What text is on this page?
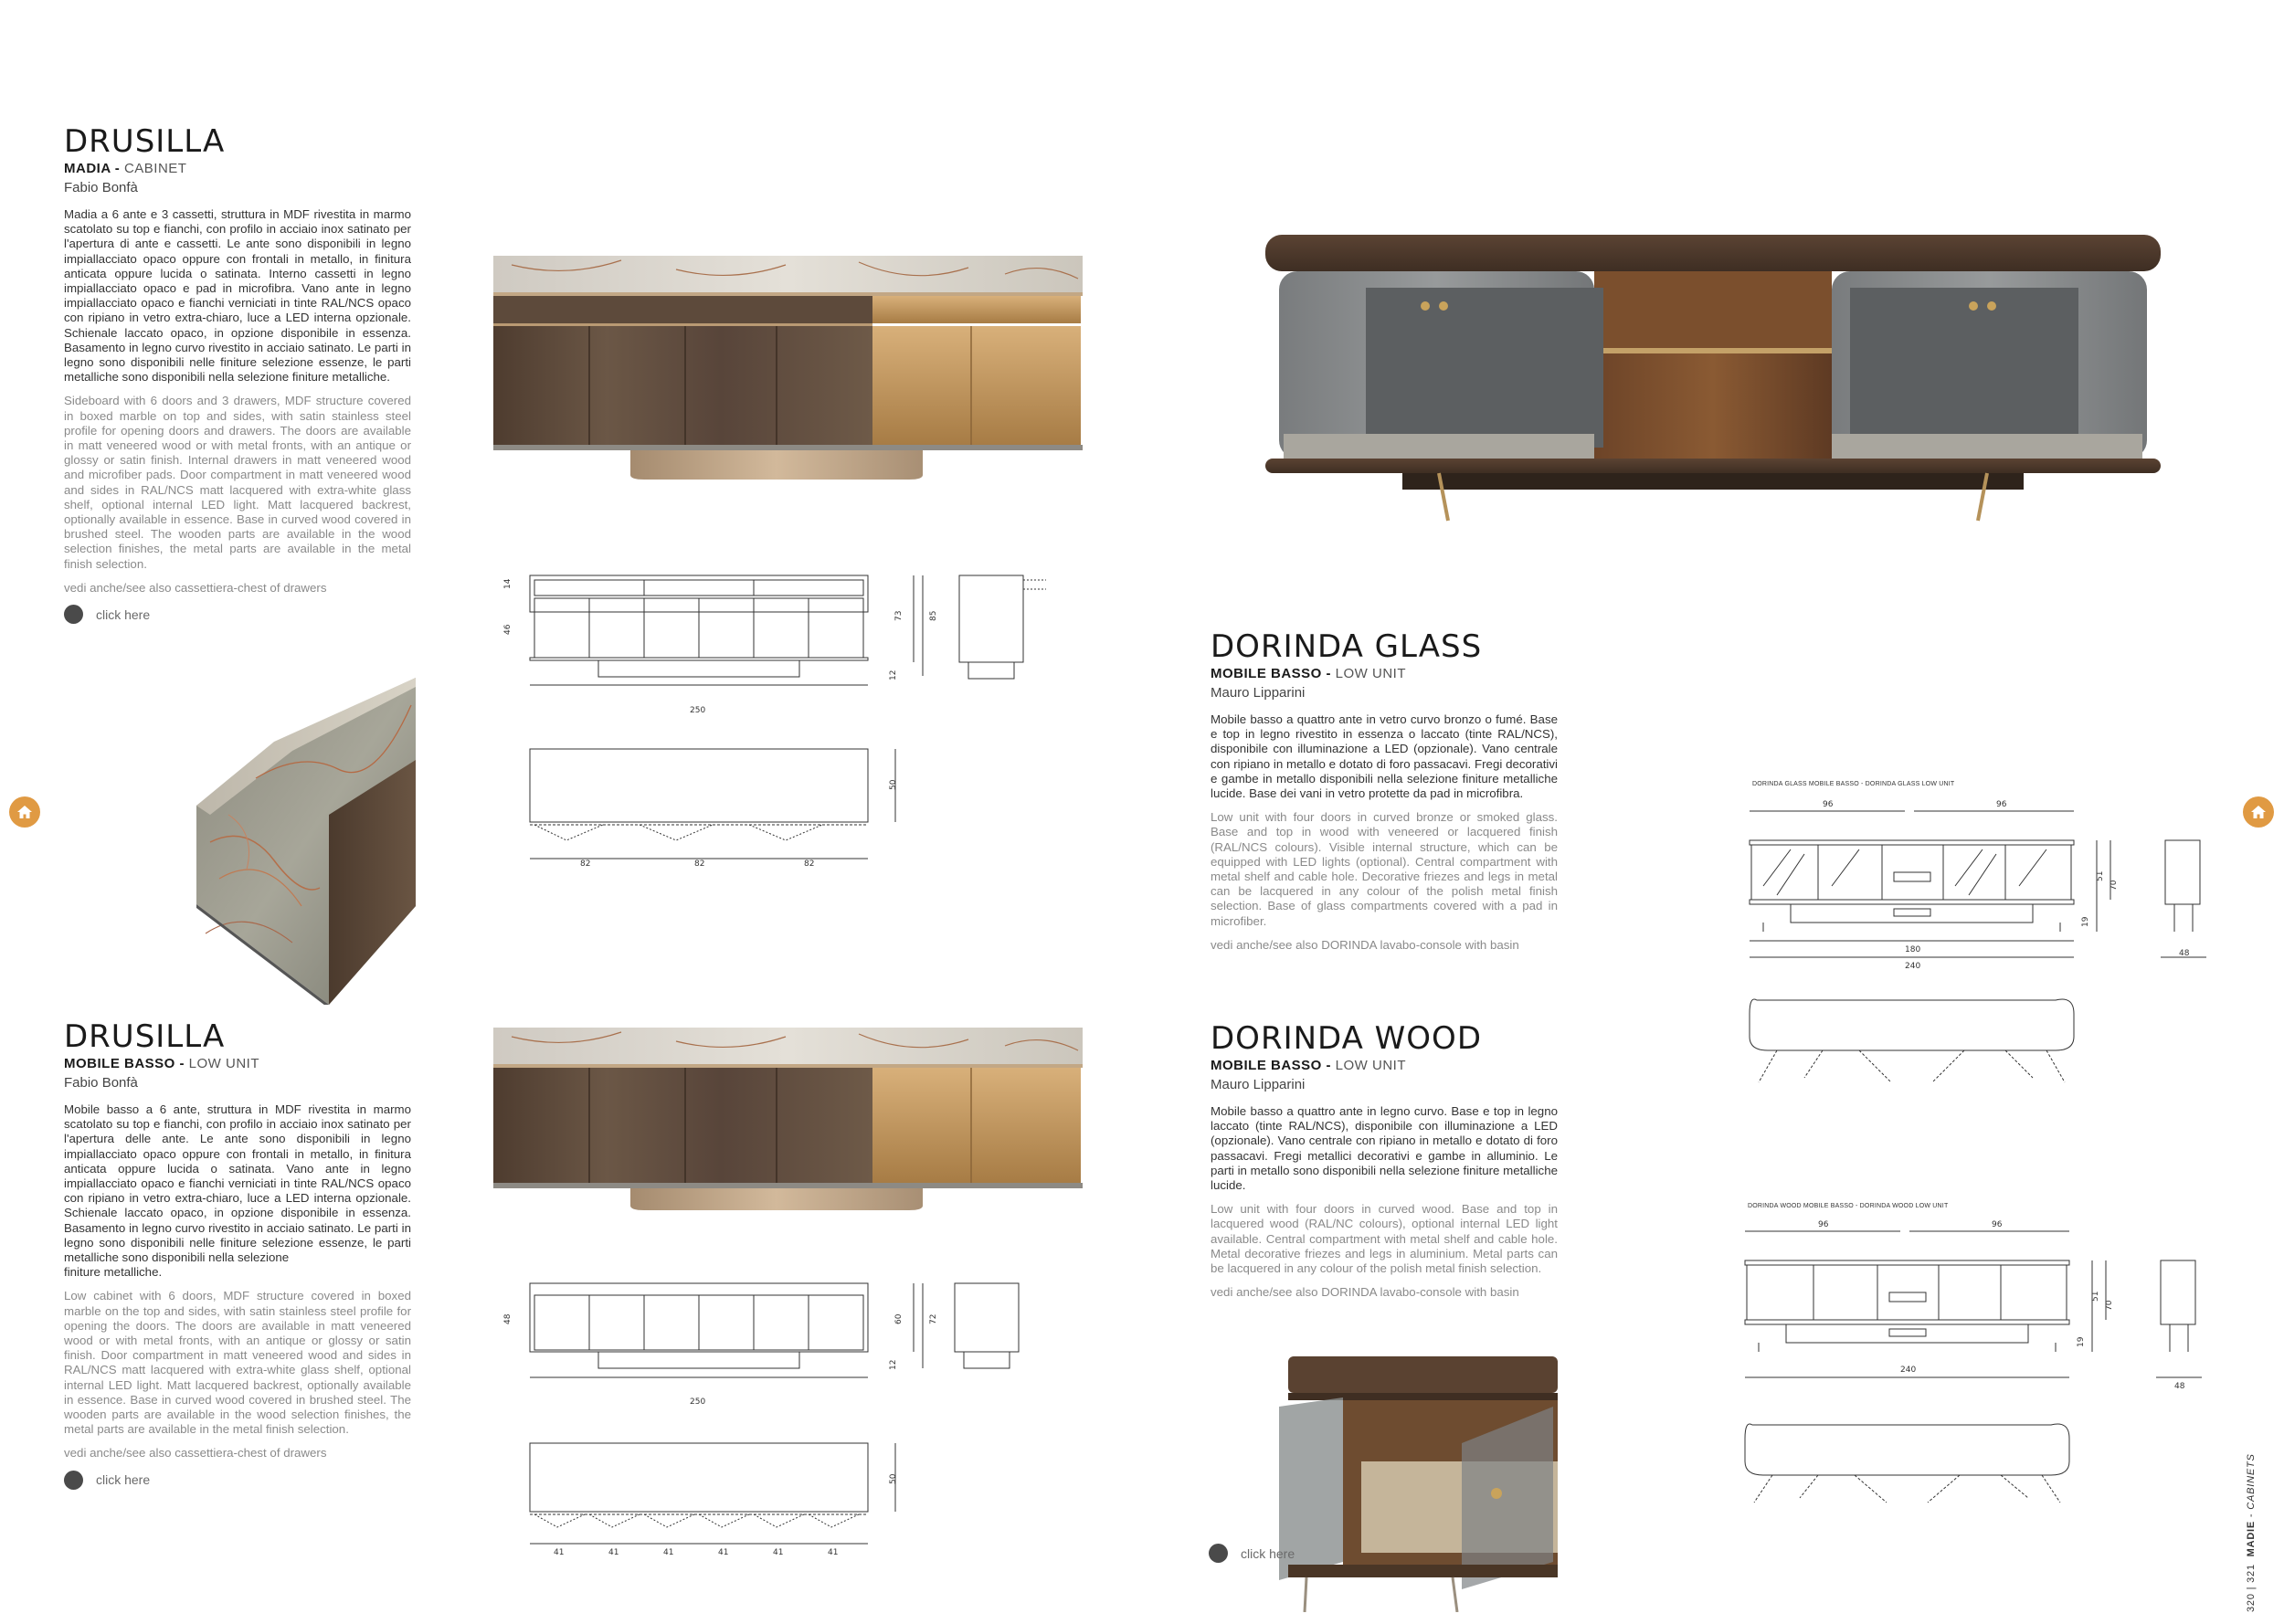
DRUSILLA
MADIA - CABINET
Fabio Bonfà

Madia a 6 ante e 3 cassetti, struttura in MDF rivestita in marmo scatolato su top e fianchi, con profilo in acciaio inox satinato per l'apertura di ante e cassetti. Le ante sono disponibili in legno impiallacciato opaco oppure con frontali in metallo, in finitura anticata oppure lucida o satinata. Interno cassetti in legno impiallacciato opaco e pad in microfibra. Vano ante in legno impiallacciato opaco e fianchi verniciati in tinte RAL/NCS opaco con ripiano in vetro extra-chiaro, luce a LED interna opzionale. Schienale laccato opaco, in opzione disponibile in essenza. Basamento in legno curvo rivestito in acciaio satinato. Le parti in legno sono disponibili nelle finiture selezione essenze, le parti metalliche sono disponibili nella selezione finiture metalliche.

Sideboard with 6 doors and 3 drawers, MDF structure covered in boxed marble on top and sides, with satin stainless steel profile for opening doors and drawers. The doors are available in matt veneered wood or with metal fronts, with an antique or glossy or satin finish. Internal drawers in matt veneered wood and microfiber pads. Door compartment in matt veneered wood and sides in RAL/NCS matt lacquered with extra-white glass shelf, optional internal LED light. Matt lacquered backrest, optionally available in essence. Base in curved wood covered in brushed steel. The wooden parts are available in the wood selection finishes, the metal parts are available in the metal finish selection.

vedi anche/see also cassettiera-chest of drawers

click here
14
46
12
73	85
250
50
82	82	82
DRUSILLA
MOBILE BASSO - LOW UNIT
Fabio Bonfà

Mobile basso a 6 ante, struttura in MDF rivestita in marmo scatolato su top e fianchi, con profilo in acciaio inox satinato per l'apertura delle ante. Le ante sono disponibili in legno impiallacciato opaco oppure con frontali in metallo, in finitura anticata oppure lucida o satinata. Vano ante in legno impiallacciato opaco e fianchi verniciati in tinte RAL/NCS opaco con ripiano in vetro extra-chiaro, luce a LED interna opzionale. Schienale laccato opaco, in opzione disponibile in essenza. Basamento in legno curvo rivestito in acciaio satinato. Le parti in legno sono disponibili nelle finiture selezione essenze, le parti metalliche sono disponibili nella selezione
finiture metalliche.

Low cabinet with 6 doors, MDF structure covered in boxed marble on the top and sides, with satin stainless steel profile for opening the doors. The doors are available in matt veneered wood or with metal fronts, with an antique or glossy or satin finish. Door compartment in matt veneered wood and sides in RAL/NCS matt lacquered with extra-white glass shelf, optional internal LED light. Matt lacquered backrest, optionally available in essence. Base in curved wood covered in brushed steel. The wooden parts are available in the wood selection finishes, the metal parts are available in the metal finish selection.

vedi anche/see also cassettiera-chest of drawers

click here
48
12
60	72
250
50
41	41	41	41	41	41
DORINDA GLASS
MOBILE BASSO - LOW UNIT
Mauro Lipparini

Mobile basso a quattro ante in vetro curvo bronzo o fumé. Base e top in legno rivestito in essenza o laccato (tinte RAL/NCS), disponibile con illuminazione a LED (opzionale). Vano centrale con ripiano in metallo e dotato di foro passacavi. Fregi decorativi e gambe in metallo disponibili nella selezione finiture metalliche lucide. Base dei vani in vetro protette da pad in microfibra.

Low unit with four doors in curved bronze or smoked glass. Base and top in wood with veneered or lacquered finish (RAL/NCS colours). Visible internal structure, which can be equipped with LED lights (optional). Central compartment with metal shelf and cable hole. Decorative friezes and legs in metal can be lacquered in any colour of the polish metal finish selection. Base of glass compartments covered with a pad in microfiber.

vedi anche/see also DORINDA lavabo-console with basin

DORINDA GLASS MOBILE BASSO - DORINDA GLASS LOW UNIT
96	96
180
240
51
70
19
48
DORINDA WOOD
MOBILE BASSO - LOW UNIT
Mauro Lipparini

Mobile basso a quattro ante in legno curvo. Base e top in legno laccato (tinte RAL/NCS), disponibile con illuminazione a LED (opzionale). Vano centrale con ripiano in metallo e dotato di foro passacavi. Fregi metallici decorativi e gambe in alluminio. Le parti in metallo sono disponibili nella selezione finiture metalliche lucide.

Low unit with four doors in curved wood. Base and top in lacquered wood (RAL/NC colours), optional internal LED light available. Central compartment with metal shelf and cable hole. Metal decorative friezes and legs in aluminium. Metal parts can be lacquered in any colour of the polish metal finish selection.

vedi anche/see also DORINDA lavabo-console with basin

click here
DORINDA WOOD MOBILE BASSO - DORINDA WOOD LOW UNIT
96	96
240
51
70
19
48
320 | 321  MADIE - CABINETS
